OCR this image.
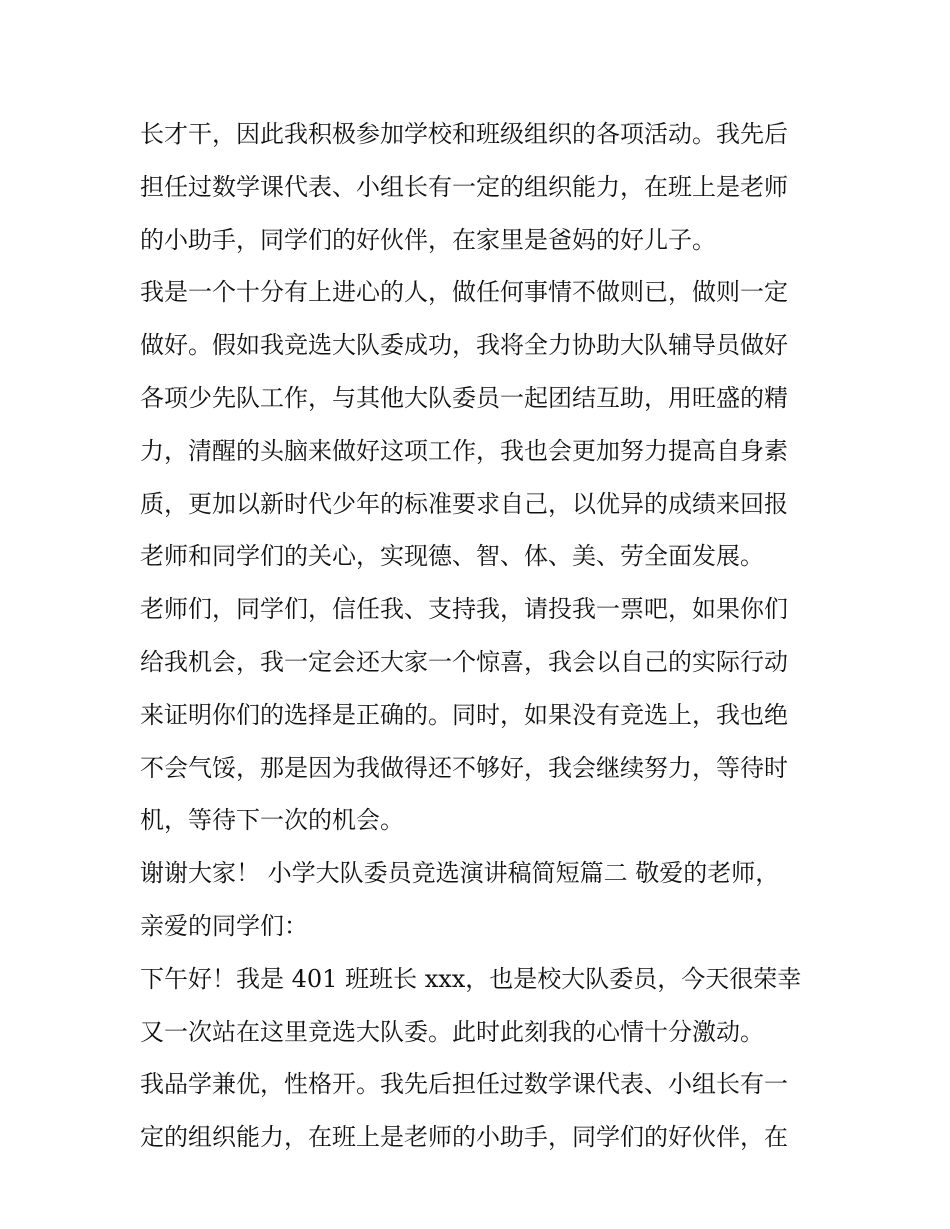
长才干，因此我积极参加学校和班级组织的各项活动。我先后
担任过数学课代表、小组长有一定的组织能力，在班上是老师
的小助手，同学们的好伙伴，在家里是爸妈的好儿子。
我是一个十分有上进心的人，做任何事情不做则已，做则一定
做好。假如我竞选大队委成功，我将全力协助大队辅导员做好
各项少先队工作，与其他大队委员一起团结互助，用旺盛的精
力，清醒的头脑来做好这项工作，我也会更加努力提高自身素
质，更加以新时代少年的标准要求自己，以优异的成绩来回报
老师和同学们的关心，实现德、智、体、美、劳全面发展。
老师们，同学们，信任我、支持我，请投我一票吧，如果你们
给我机会，我一定会还大家一个惊喜，我会以自己的实际行动
来证明你们的选择是正确的。同时，如果没有竞选上，我也绝
不会气馁，那是因为我做得还不够好，我会继续努力，等待时
机，等待下一次的机会。
谢谢大家！ 小学大队委员竞选演讲稿简短篇二 敬爱的老师，
亲爱的同学们：
下午好！我是 401 班班长 xxx，也是校大队委员，今天很荣幸
又一次站在这里竞选大队委。此时此刻我的心情十分激动。
我品学兼优，性格开。我先后担任过数学课代表、小组长有一
定的组织能力，在班上是老师的小助手，同学们的好伙伴，在
